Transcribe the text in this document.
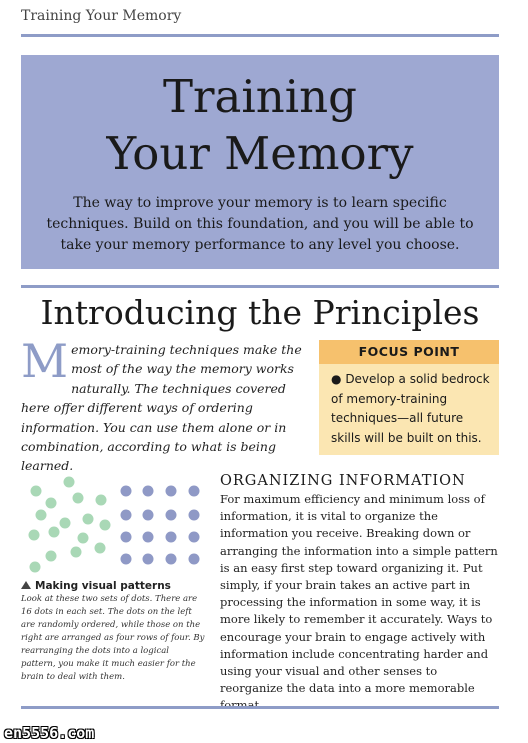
Training Your Memory
Training
Your Memory
The way to improve your memory is to learn specific techniques. Build on this foundation, and you will be able to take your memory performance to any level you choose.
Introducing the Principles
Memory-training techniques make the most of the way the memory works naturally. The techniques covered here offer different ways of ordering information. You can use them alone or in combination, according to what is being learned.
FOCUS POINT
● Develop a solid bedrock of memory-training techniques—all future skills will be built on this.
Making visual patterns
Look at these two sets of dots. There are 16 dots in each set. The dots on the left are randomly ordered, while those on the right are arranged as four rows of four. By rearranging the dots into a logical pattern, you make it much easier for the brain to deal with them.
ORGANIZING INFORMATION
For maximum efficiency and minimum loss of information, it is vital to organize the information you receive. Breaking down or arranging the information into a simple pattern is an easy first step toward organizing it. Put simply, if your brain takes an active part in processing the information in some way, it is more likely to remember it accurately. Ways to encourage your brain to engage actively with information include concentrating harder and using your visual and other senses to reorganize the data into a more memorable
en5556.com
